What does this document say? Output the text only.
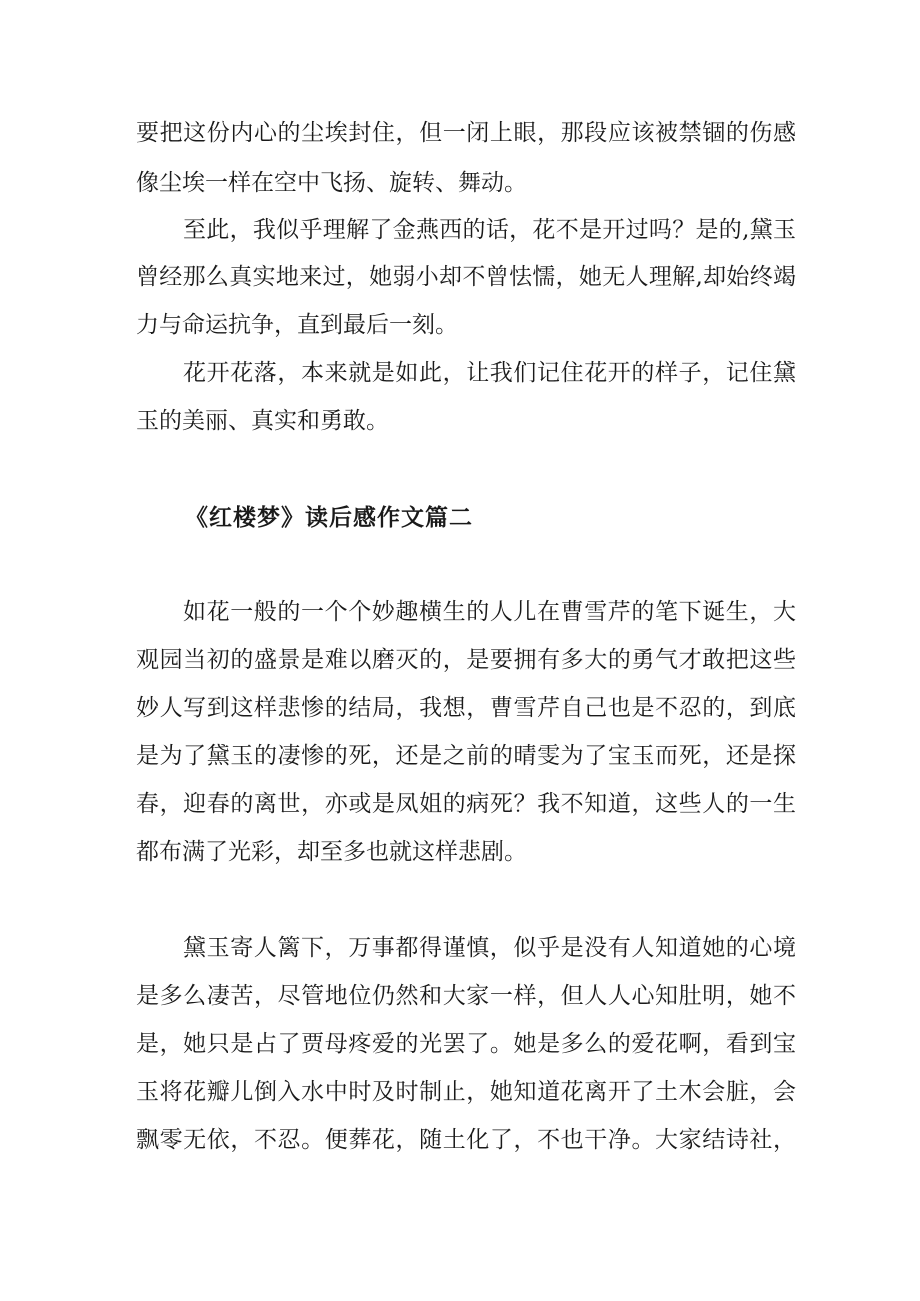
要把这份内心的尘埃封住，但一闭上眼，那段应该被禁锢的伤感

像尘埃一样在空中飞扬、旋转、舞动。

至此，我似乎理解了金燕西的话，花不是开过吗？是的,黛玉

曾经那么真实地来过，她弱小却不曾怯懦，她无人理解,却始终竭

力与命运抗争，直到最后一刻。

花开花落，本来就是如此，让我们记住花开的样子，记住黛

玉的美丽、真实和勇敢。

《红楼梦》读后感作文篇二

如花一般的一个个妙趣横生的人儿在曹雪芹的笔下诞生，大

观园当初的盛景是难以磨灭的，是要拥有多大的勇气才敢把这些

妙人写到这样悲惨的结局，我想，曹雪芹自己也是不忍的，到底

是为了黛玉的凄惨的死，还是之前的晴雯为了宝玉而死，还是探

春，迎春的离世，亦或是凤姐的病死？我不知道，这些人的一生

都布满了光彩，却至多也就这样悲剧。

黛玉寄人篱下，万事都得谨慎，似乎是没有人知道她的心境

是多么凄苦，尽管地位仍然和大家一样，但人人心知肚明，她不

是，她只是占了贾母疼爱的光罢了。她是多么的爱花啊，看到宝

玉将花瓣儿倒入水中时及时制止，她知道花离开了土木会脏，会

飘零无依，不忍。便葬花，随土化了，不也干净。大家结诗社，
